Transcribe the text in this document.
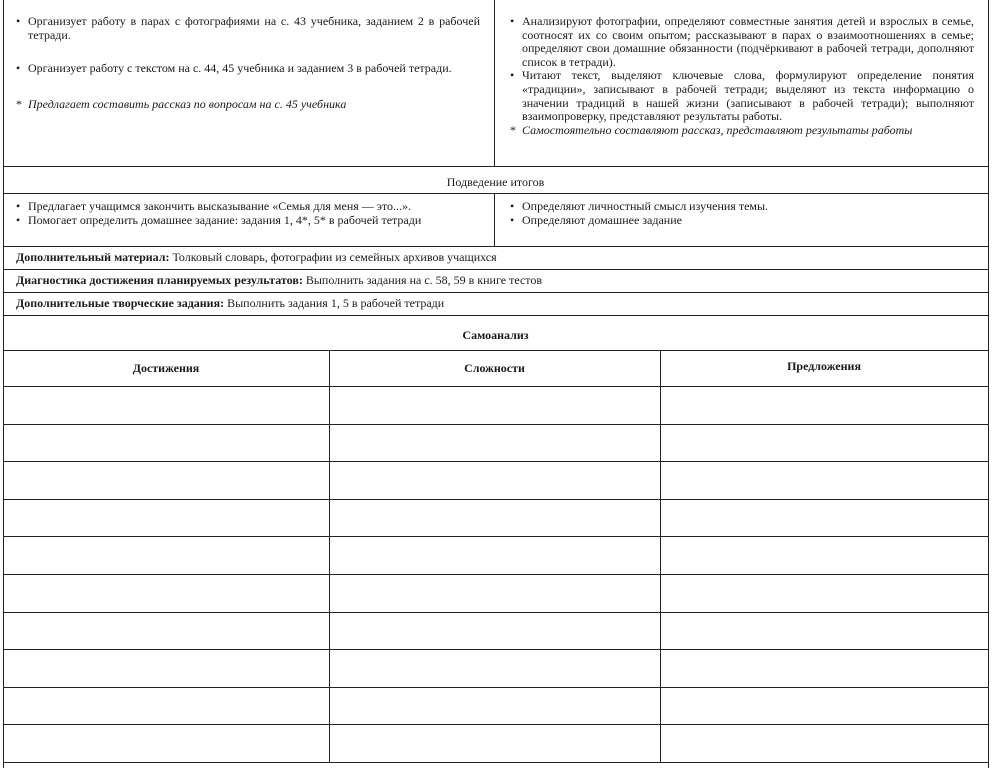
• Организует работу в парах с фотографиями на с. 43 учебника, заданием 2 в рабочей тетради.

• Организует работу с текстом на с. 44, 45 учебника и заданием 3 в рабочей тетради.

* Предлагает составить рассказ по вопросам на с. 45 учебника

• Анализируют фотографии, определяют совместные занятия детей и взрослых в семье, соотносят их со своим опытом; рассказывают в парах о взаимоотношениях в семье; определяют свои домашние обязанности (подчёркивают в рабочей тетради, дополняют список в тетради).

• Читают текст, выделяют ключевые слова, формулируют определение понятия «традиции», записывают в рабочей тетради; выделяют из текста информацию о значении традиций в нашей жизни (записывают в рабочей тетради); выполняют взаимопроверку, представляют результаты работы.

* Самостоятельно составляют рассказ, представляют результаты работы

Подведение итогов

• Предлагает учащимся закончить высказывание «Семья для меня — это...».

• Помогает определить домашнее задание: задания 1, 4*, 5* в рабочей тетради

• Определяют личностный смысл изучения темы.

• Определяют домашнее задание

Дополнительный материал: Толковый словарь, фотографии из семейных архивов учащихся
Диагностика достижения планируемых результатов: Выполнить задания на с. 58, 59 в книге тестов
Дополнительные творческие задания: Выполнить задания 1, 5 в рабочей тетради
Самоанализ
Достижения	Сложности	Предложения
